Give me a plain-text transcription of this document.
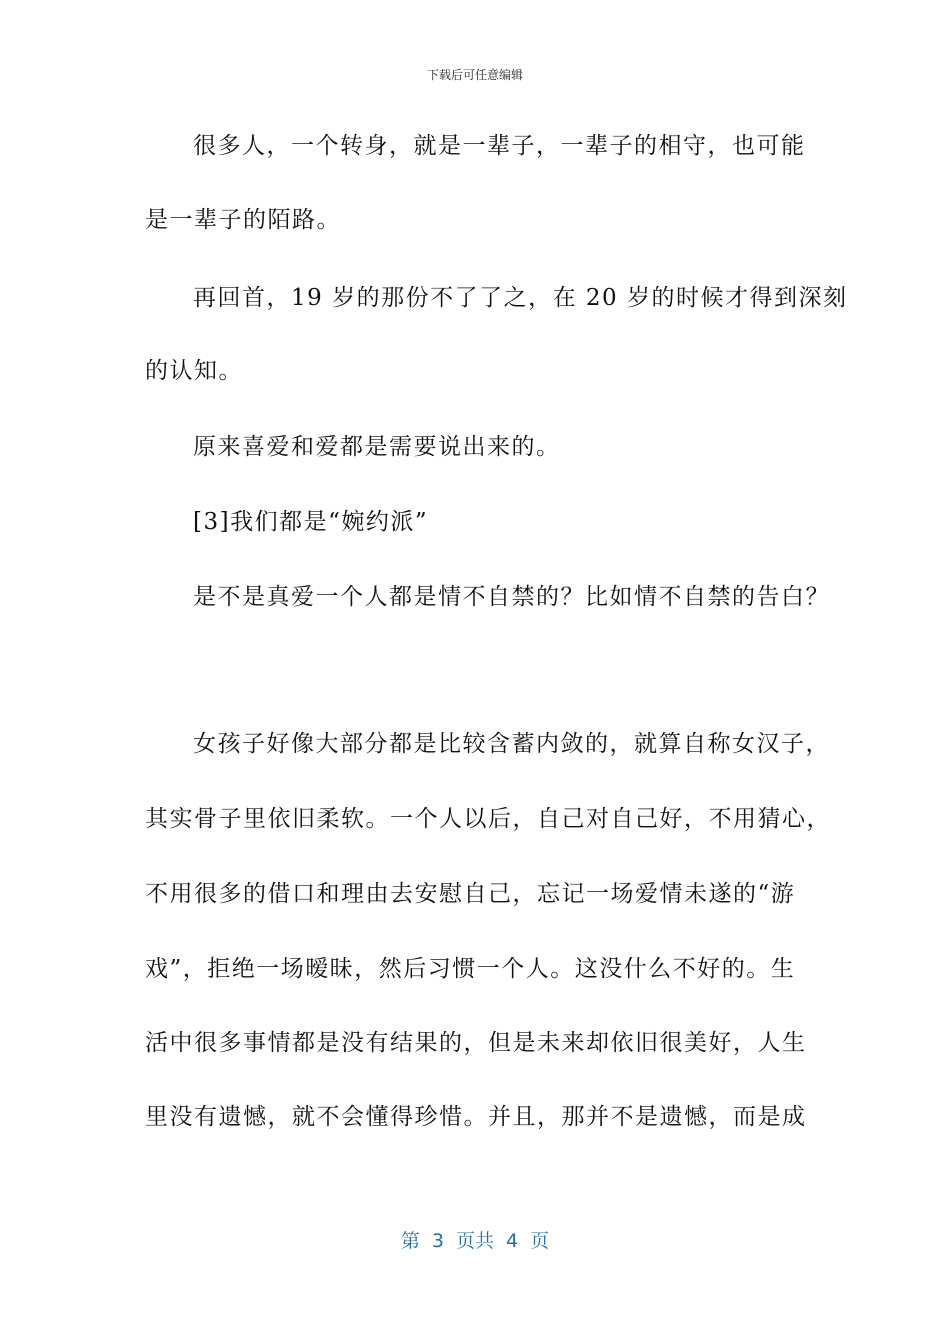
下载后可任意编辑
很多人，一个转身，就是一辈子，一辈子的相守，也可能
是一辈子的陌路。
再回首，19 岁的那份不了了之，在 20 岁的时候才得到深刻
的认知。
原来喜爱和爱都是需要说出来的。
[3]我们都是“婉约派”
是不是真爱一个人都是情不自禁的？比如情不自禁的告白？
女孩子好像大部分都是比较含蓄内敛的，就算自称女汉子，
其实骨子里依旧柔软。一个人以后，自己对自己好，不用猜心，
不用很多的借口和理由去安慰自己，忘记一场爱情未遂的“游
戏”，拒绝一场暧昧，然后习惯一个人。这没什么不好的。生
活中很多事情都是没有结果的，但是未来却依旧很美好，人生
里没有遗憾，就不会懂得珍惜。并且，那并不是遗憾，而是成
第 3 页共 4 页
